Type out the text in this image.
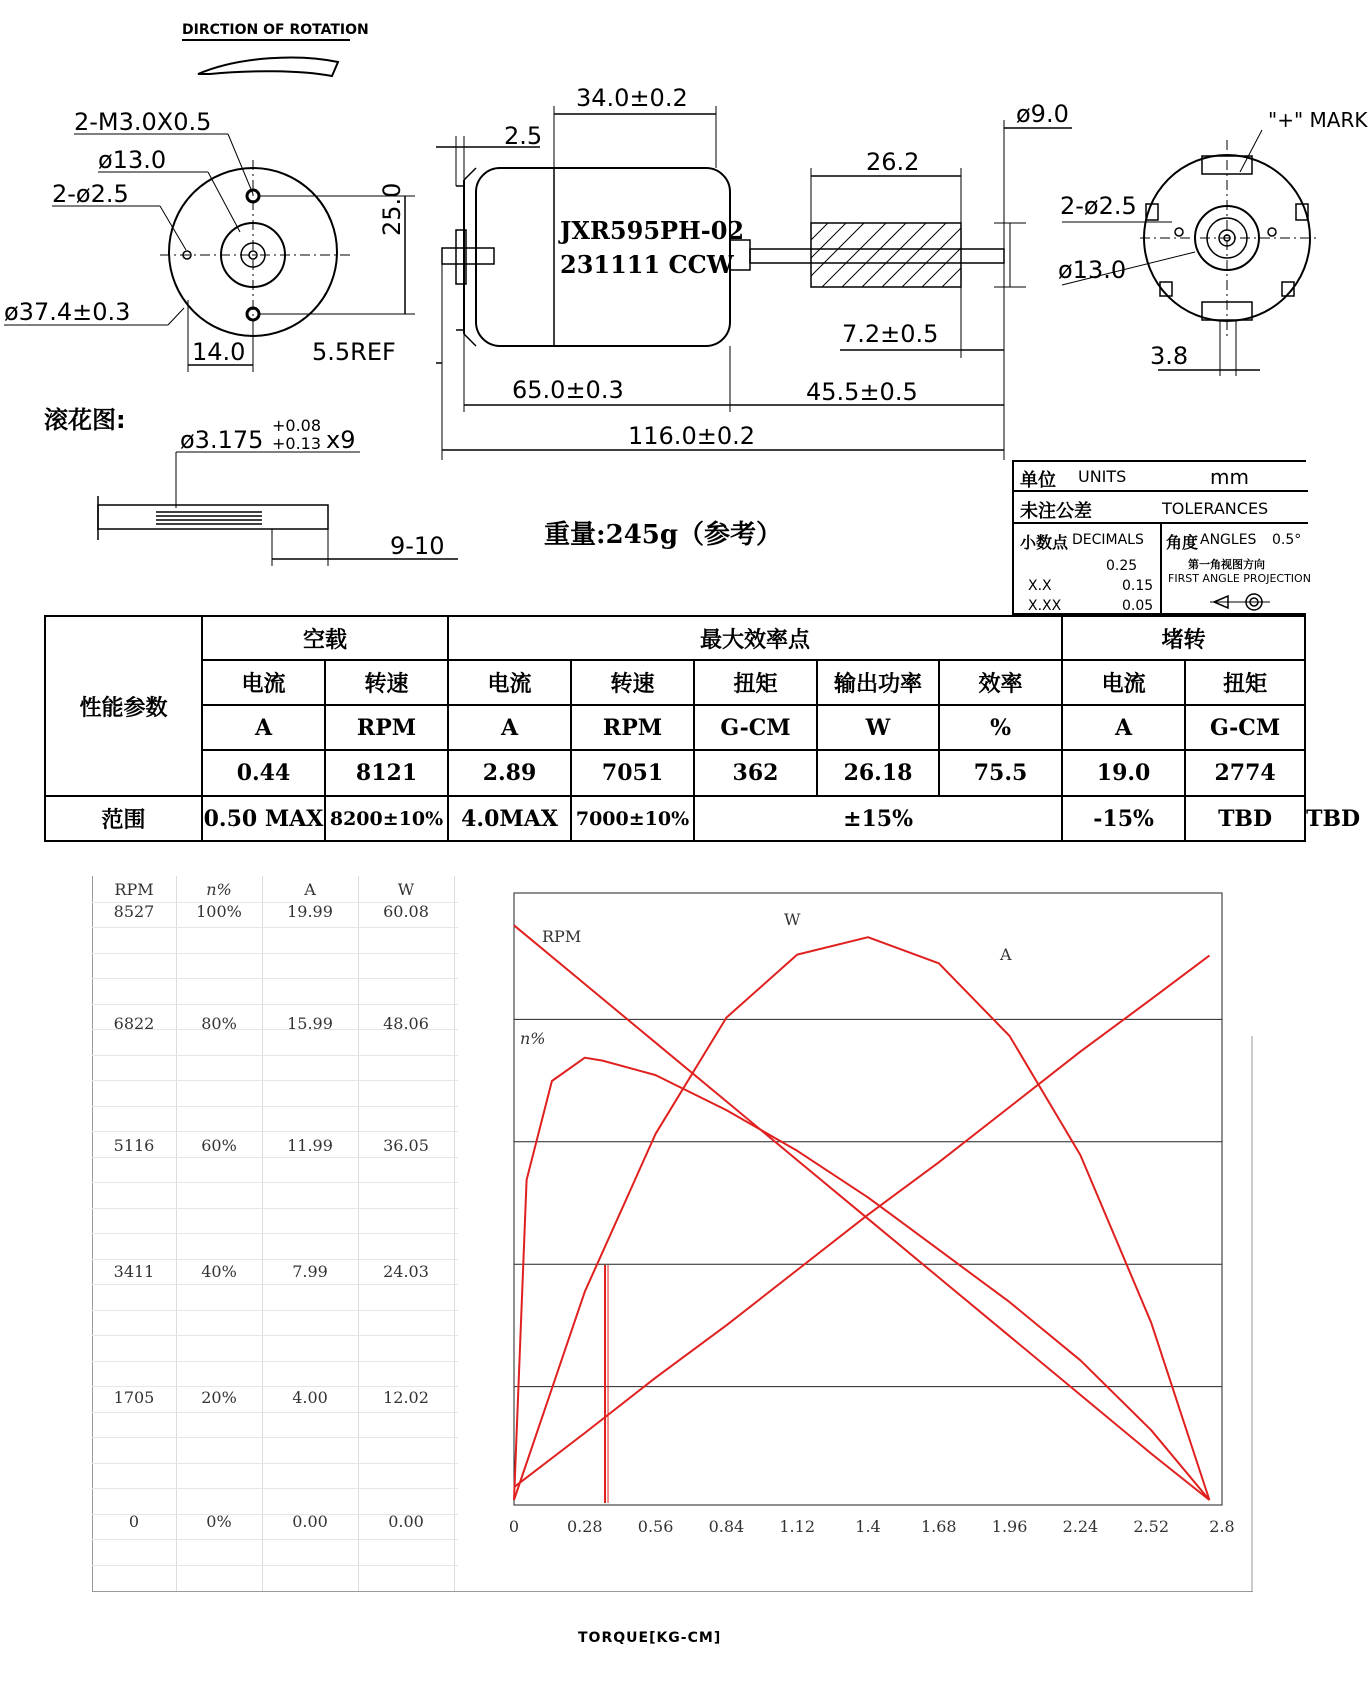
DIRCTION OF ROTATION
2-M3.0X0.5
ø13.0
2-ø2.5
ø37.4±0.3
14.0
25.0
34.0±0.2
2.5
5.5REF
JXR595PH-02
231111 CCW
26.2
ø9.0
7.2±0.5
65.0±0.3	45.5±0.5
116.0±0.2
"+" MARK
2-ø2.5
ø13.0
3.8
滚花图:
ø3.175
+0.08
+0.13 x9
9-10	重量:245g（参考）
单位 UNITS	mm
未注公差	TOLERANCES
小数点 DECIMALS 角度 ANGLES 0.5°
0.25
X.X	0.15
X.XX	0.05
第一角视图方向
FIRST ANGLE PROJECTION
性能参数	空载		最大效率点					堵转		
	电流	转速	电流	转速	扭矩	输出功率	效率	电流	扭矩	
	A	RPM	A	RPM	G-CM	W	%	A	G-CM	
	0.44	8121	2.89	7051	362	26.18	75.5	19.0	2774	
范围	0.50 MAX	8200±10%	4.0MAX	7000±10%	±15%			-15%	TBD	TBD
RPM	n%	A	W
8527	100%	19.99	60.08
6822	80%	15.99	48.06
5116	60%	11.99	36.05
3411	40%	7.99	24.03
1705	20%	4.00	12.02
0	0%	0.00	0.00	0	0.28 0.56 0.84 1.12	1.4	1.68 1.96 2.24 2.52	2.8
RPM
A
W
n%
TORQUE[KG-CM]
